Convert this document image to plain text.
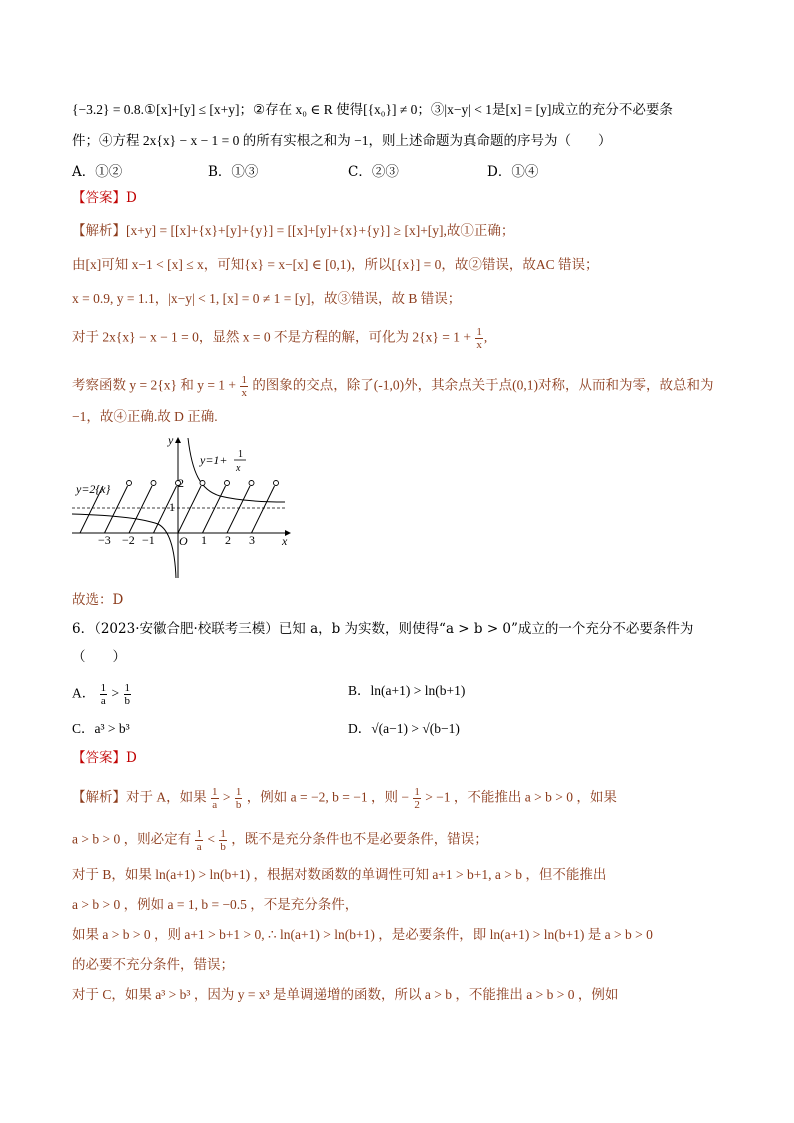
{−3.2} = 0.8.①[x]+[y] ≤ [x+y]；②存在 x₀ ∈ R 使得[{x₀}] ≠ 0；③|x−y| < 1是[x] = [y]成立的充分不必要条
件；④方程 2x{x} − x − 1 = 0 的所有实根之和为 −1，则上述命题为真命题的序号为（　　）
A．①②	B．①③	C．②③	D．①④
【答案】D
【解析】[x+y] = [[x]+{x}+[y]+{y}] = [[x]+[y]+{x}+{y}] ≥ [x]+[y],故①正确；
由[x]可知 x−1 < [x] ≤ x，可知{x} = x−[x] ∈ [0,1)，所以[{x}] = 0，故②错误，故AC 错误；
x = 0.9, y = 1.1，|x−y| < 1, [x] = 0 ≠ 1 = [y]，故③错误，故 B 错误；
对于 2x{x} − x − 1 = 0，显然 x = 0 不是方程的解，可化为 $2\{x\} = 1 + \frac{1}{x}$ ,
考察函数 y = 2{x} 和 $y = 1 + \frac{1}{x}$ 的图象的交点，除了(-1,0)外，其余点关于点(0,1)对称，从而和为零，故总和为
−1，故④正确.故 D 正确.
x
y
O
2
1
−3 −2 −1	1 2 3
y=2{x}
y=1+ 1
x
故选：D
6．（2023·安徽合肥·校联考三模）已知 a，b 为实数，则使得“a > b > 0”成立的一个充分不必要条件为
（　　）
A． $\frac{1}{a} > \frac{1}{b}$	B．ln(a+1) > ln(b+1)
C．a³ > b³	D．√(a−1) > √(b−1)
【答案】D
【解析】对于 A，如果 $\frac{1}{a} > \frac{1}{b}$ ，例如 a = −2, b = −1 ，则 − $\frac{1}{2} > -1$ ，不能推出 a > b > 0 ，如果
a > b > 0 ，则必定有 $\frac{1}{a} < \frac{1}{b}$ ，既不是充分条件也不是必要条件，错误；
对于 B，如果 ln(a+1) > ln(b+1) ，根据对数函数的单调性可知 a+1 > b+1, a > b ，但不能推出
a > b > 0 ，例如 a = 1, b = −0.5 ，不是充分条件，
如果 a > b > 0 ，则 a+1 > b+1 > 0, ∴ ln(a+1) > ln(b+1) ，是必要条件，即 ln(a+1) > ln(b+1) 是 a > b > 0
的必要不充分条件，错误；
对于 C，如果 a³ > b³ ，因为 y = x³ 是单调递增的函数，所以 a > b ，不能推出 a > b > 0 ，例如
